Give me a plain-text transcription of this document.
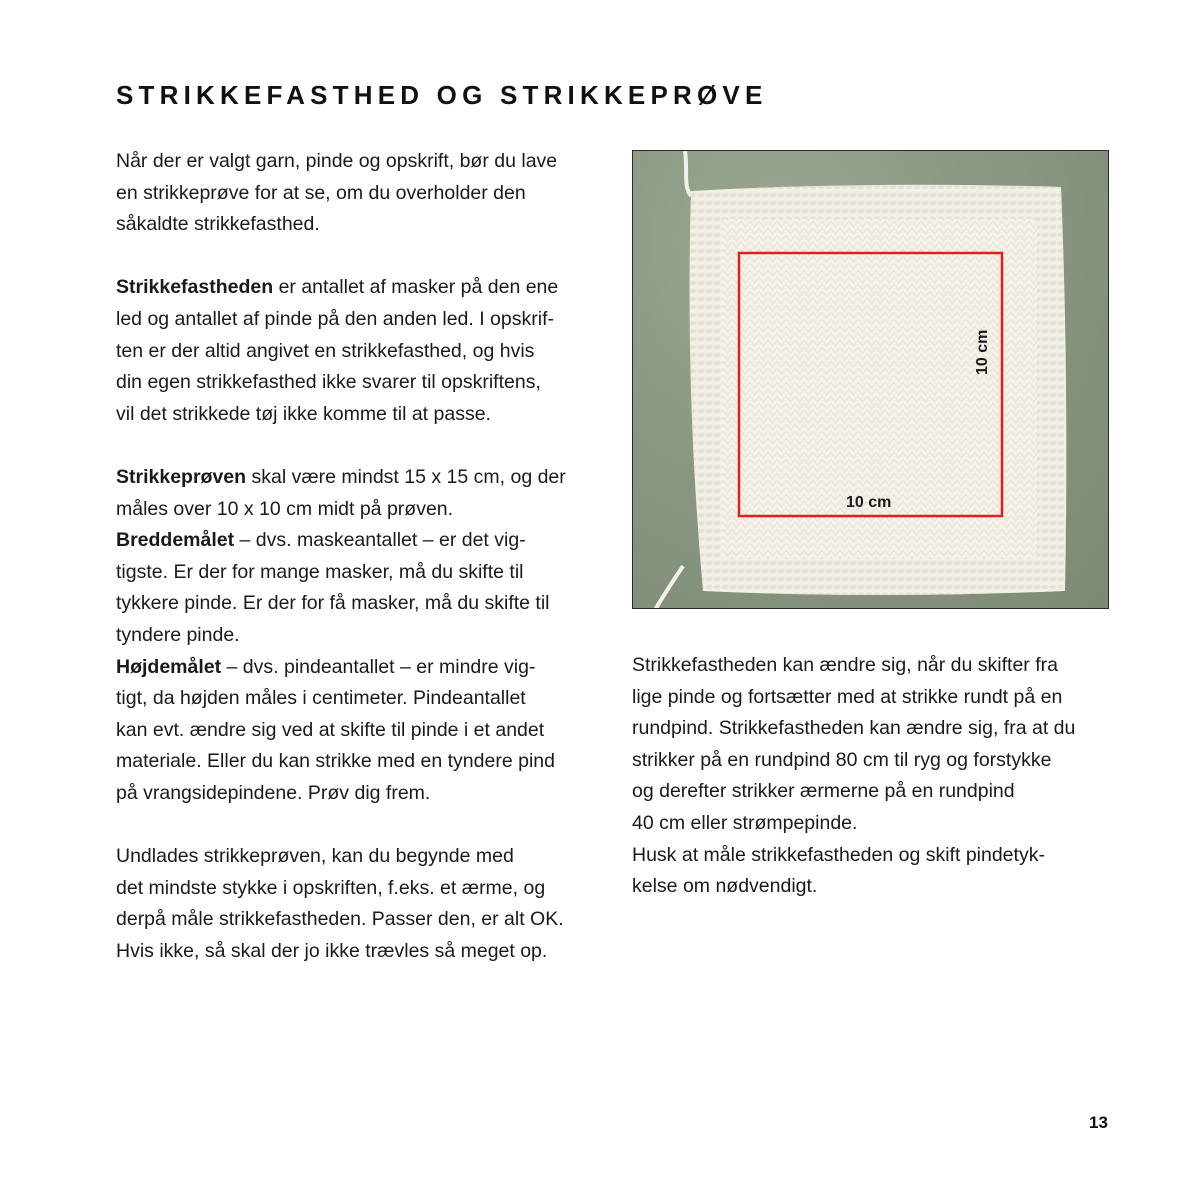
STRIKKEFASTHED OG STRIKKEPRØVE

Når der er valgt garn, pinde og opskrift, bør du lave
en strikkeprøve for at se, om du overholder den
såkaldte strikkefasthed.

Strikkefastheden er antallet af masker på den ene
led og antallet af pinde på den anden led. I opskrif-
ten er der altid angivet en strikkefasthed, og hvis
din egen strikkefasthed ikke svarer til opskriftens,
vil det strikkede tøj ikke komme til at passe.

Strikkeprøven skal være mindst 15 x 15 cm, og der
måles over 10 x 10 cm midt på prøven.

Breddemålet – dvs. maskeantallet – er det vig-
tigste. Er der for mange masker, må du skifte til
tykkere pinde. Er der for få masker, må du skifte til
tyndere pinde.

Højdemålet – dvs. pindeantallet – er mindre vig-
tigt, da højden måles i centimeter. Pindeantallet
kan evt. ændre sig ved at skifte til pinde i et andet
materiale. Eller du kan strikke med en tyndere pind
på vrangsidepindene. Prøv dig frem.

Undlades strikkeprøven, kan du begynde med
det mindste stykke i opskriften, f.eks. et ærme, og
derpå måle strikkefastheden. Passer den, er alt OK.
Hvis ikke, så skal der jo ikke trævles så meget op.

10 cm
10 cm

Strikkefastheden kan ændre sig, når du skifter fra
lige pinde og fortsætter med at strikke rundt på en
rundpind. Strikkefastheden kan ændre sig, fra at du
strikker på en rundpind 80 cm til ryg og forstykke
og derefter strikker ærmerne på en rundpind
40 cm eller strømpepinde.

Husk at måle strikkefastheden og skift pindetyk-
kelse om nødvendigt.

13
